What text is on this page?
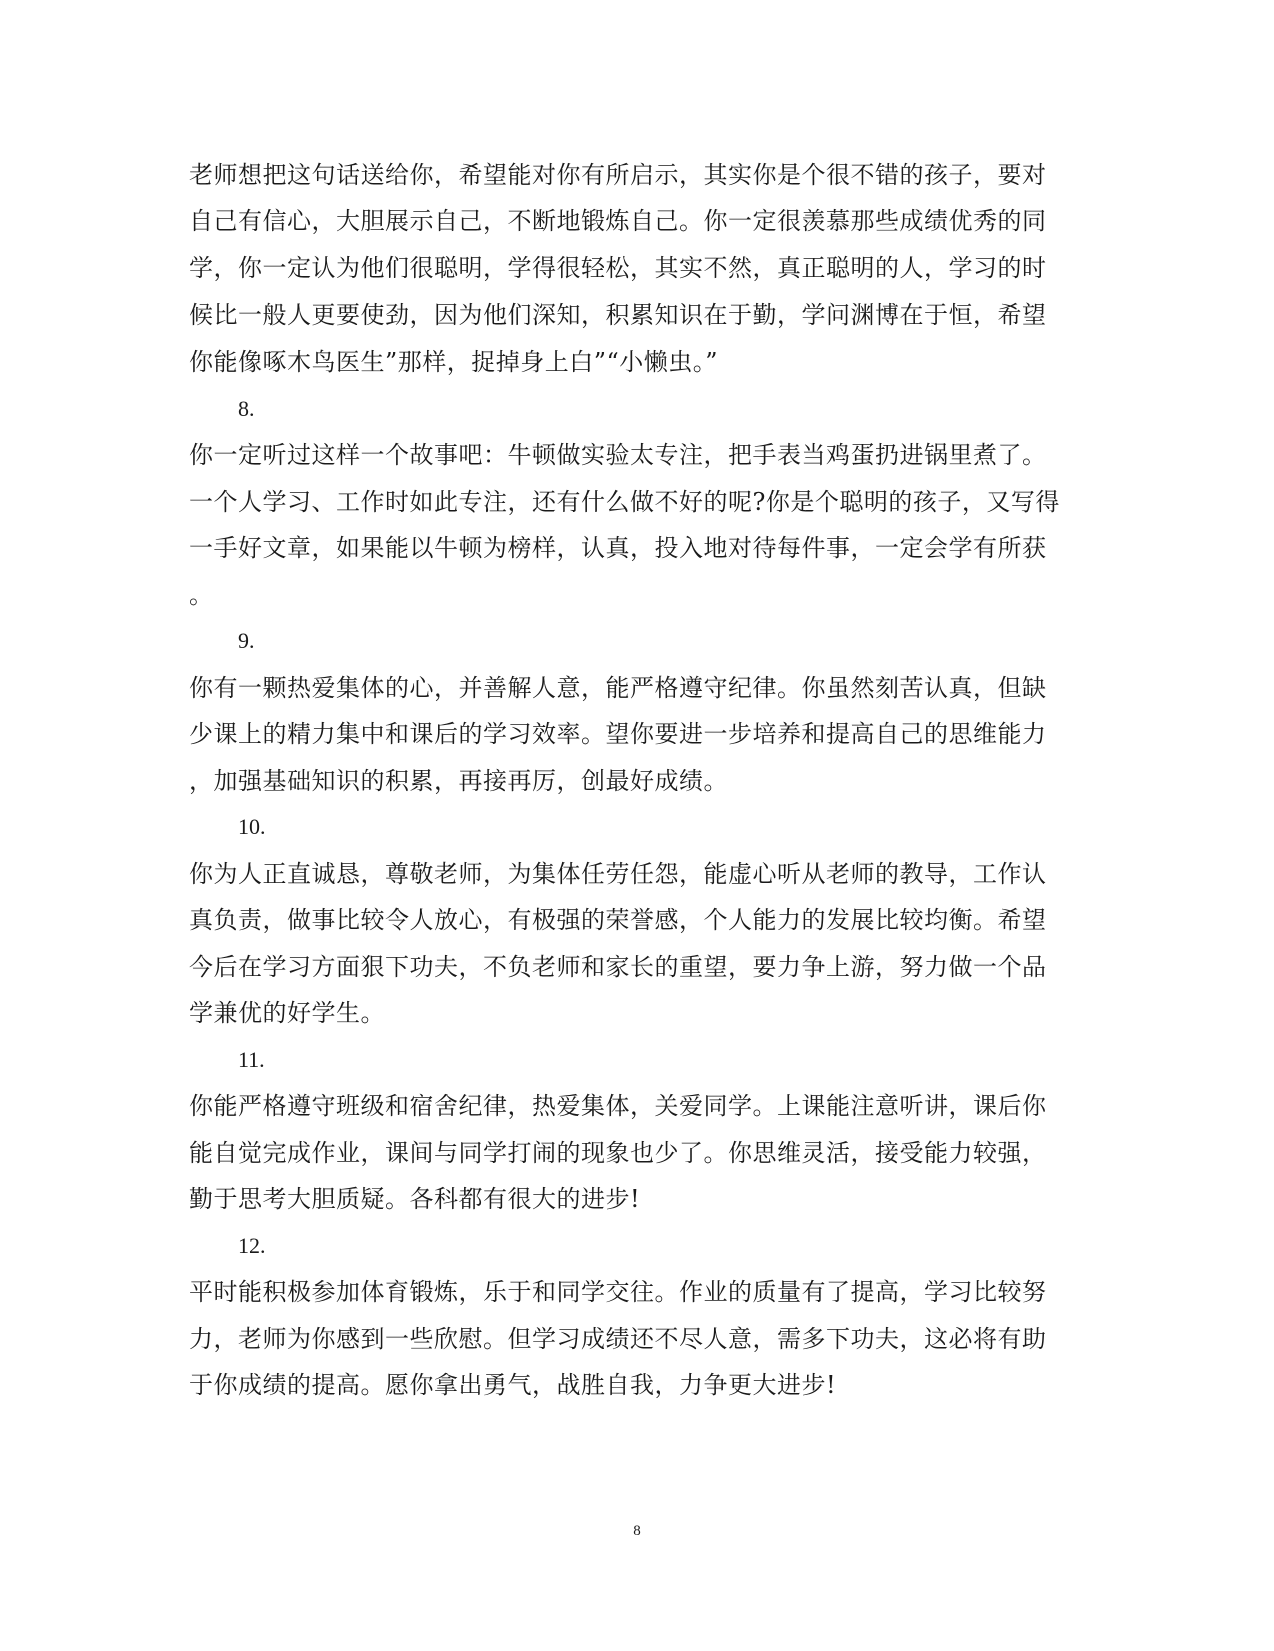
老师想把这句话送给你，希望能对你有所启示，其实你是个很不错的孩子，要对
自己有信心，大胆展示自己，不断地锻炼自己。你一定很羡慕那些成绩优秀的同
学，你一定认为他们很聪明，学得很轻松，其实不然，真正聪明的人，学习的时
候比一般人更要使劲，因为他们深知，积累知识在于勤，学问渊博在于恒，希望
你能像啄木鸟医生”那样，捉掉身上白”“小懒虫。”
8.
你一定听过这样一个故事吧：牛顿做实验太专注，把手表当鸡蛋扔进锅里煮了。
一个人学习、工作时如此专注，还有什么做不好的呢?你是个聪明的孩子，又写得
一手好文章，如果能以牛顿为榜样，认真，投入地对待每件事，一定会学有所获
。
9.
你有一颗热爱集体的心，并善解人意，能严格遵守纪律。你虽然刻苦认真，但缺
少课上的精力集中和课后的学习效率。望你要进一步培养和提高自己的思维能力
，加强基础知识的积累，再接再厉，创最好成绩。
10.
你为人正直诚恳，尊敬老师，为集体任劳任怨，能虚心听从老师的教导，工作认
真负责，做事比较令人放心，有极强的荣誉感，个人能力的发展比较均衡。希望
今后在学习方面狠下功夫，不负老师和家长的重望，要力争上游，努力做一个品
学兼优的好学生。
11.
你能严格遵守班级和宿舍纪律，热爱集体，关爱同学。上课能注意听讲，课后你
能自觉完成作业，课间与同学打闹的现象也少了。你思维灵活，接受能力较强，
勤于思考大胆质疑。各科都有很大的进步!
12.
平时能积极参加体育锻炼，乐于和同学交往。作业的质量有了提高，学习比较努
力，老师为你感到一些欣慰。但学习成绩还不尽人意，需多下功夫，这必将有助
于你成绩的提高。愿你拿出勇气，战胜自我，力争更大进步!
8
